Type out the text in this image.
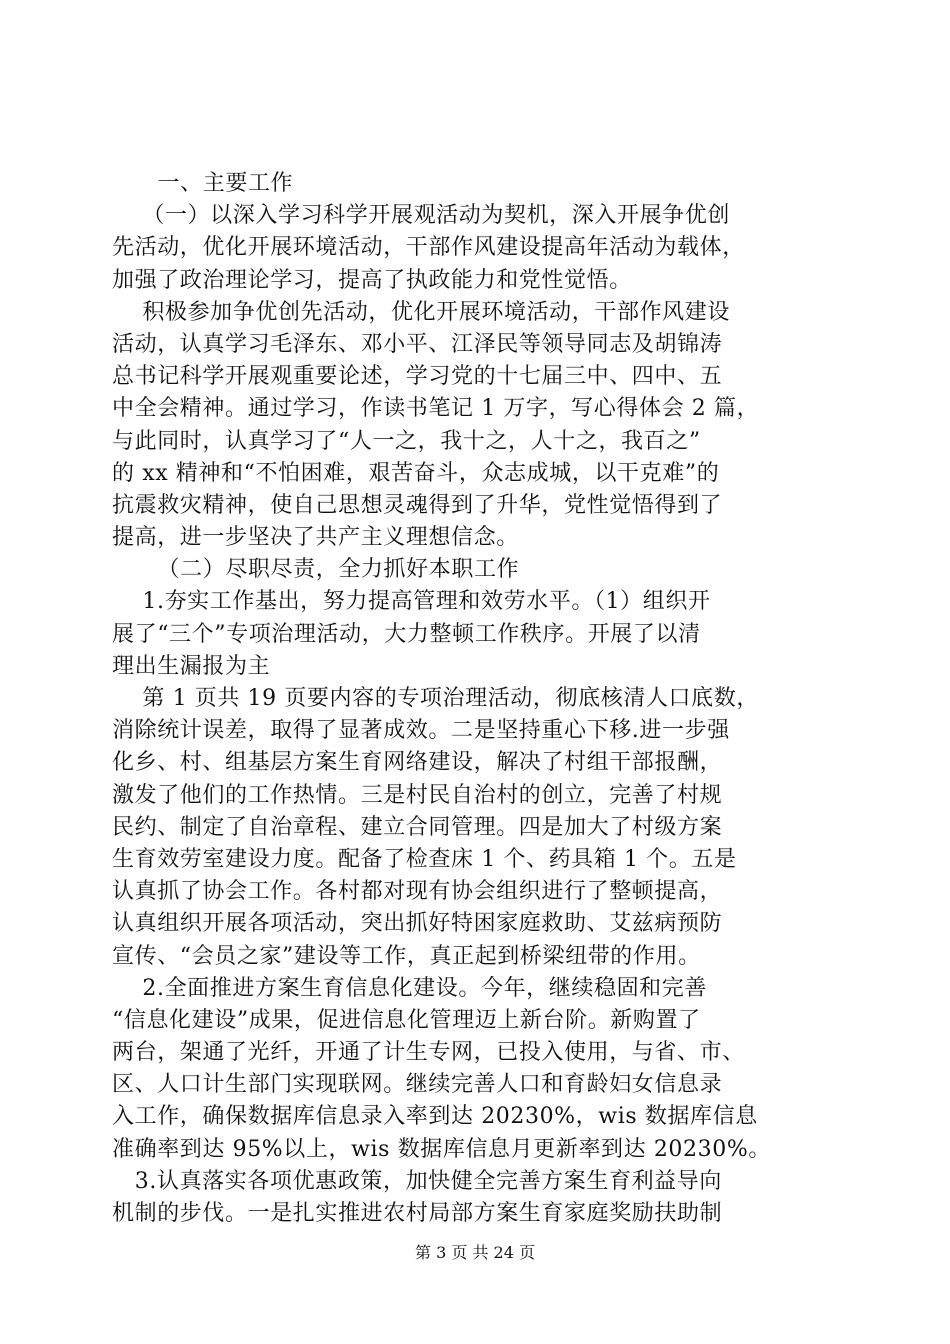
一、主要工作
（一）以深入学习科学开展观活动为契机，深入开展争优创
先活动，优化开展环境活动，干部作风建设提高年活动为载体，
加强了政治理论学习，提高了执政能力和党性觉悟。
积极参加争优创先活动，优化开展环境活动，干部作风建设
活动，认真学习毛泽东、邓小平、江泽民等领导同志及胡锦涛
总书记科学开展观重要论述，学习党的十七届三中、四中、五
中全会精神。通过学习，作读书笔记 1 万字，写心得体会 2 篇，
与此同时，认真学习了“人一之，我十之，人十之，我百之”
的 xx 精神和“不怕困难，艰苦奋斗，众志成城，以干克难”的
抗震救灾精神，使自己思想灵魂得到了升华，党性觉悟得到了
提高，进一步坚决了共产主义理想信念。
（二）尽职尽责，全力抓好本职工作
1.夯实工作基出，努力提高管理和效劳水平。（1）组织开
展了“三个”专项治理活动，大力整顿工作秩序。开展了以清
理出生漏报为主
第 1 页共 19 页要内容的专项治理活动，彻底核清人口底数，
消除统计误差，取得了显著成效。二是坚持重心下移.进一步强
化乡、村、组基层方案生育网络建设，解决了村组干部报酬，
激发了他们的工作热情。三是村民自治村的创立，完善了村规
民约、制定了自治章程、建立合同管理。四是加大了村级方案
生育效劳室建设力度。配备了检查床 1 个、药具箱 1 个。五是
认真抓了协会工作。各村都对现有协会组织进行了整顿提高，
认真组织开展各项活动，突出抓好特困家庭救助、艾兹病预防
宣传、“会员之家”建设等工作，真正起到桥梁纽带的作用。
2.全面推进方案生育信息化建设。今年，继续稳固和完善
“信息化建设”成果，促进信息化管理迈上新台阶。新购置了
两台，架通了光纤，开通了计生专网，已投入使用，与省、市、
区、人口计生部门实现联网。继续完善人口和育龄妇女信息录
入工作，确保数据库信息录入率到达 20230%，wis 数据库信息
准确率到达 95%以上，wis 数据库信息月更新率到达 20230%。
3.认真落实各项优惠政策，加快健全完善方案生育利益导向
机制的步伐。一是扎实推进农村局部方案生育家庭奖励扶助制
第 3 页 共 24 页
